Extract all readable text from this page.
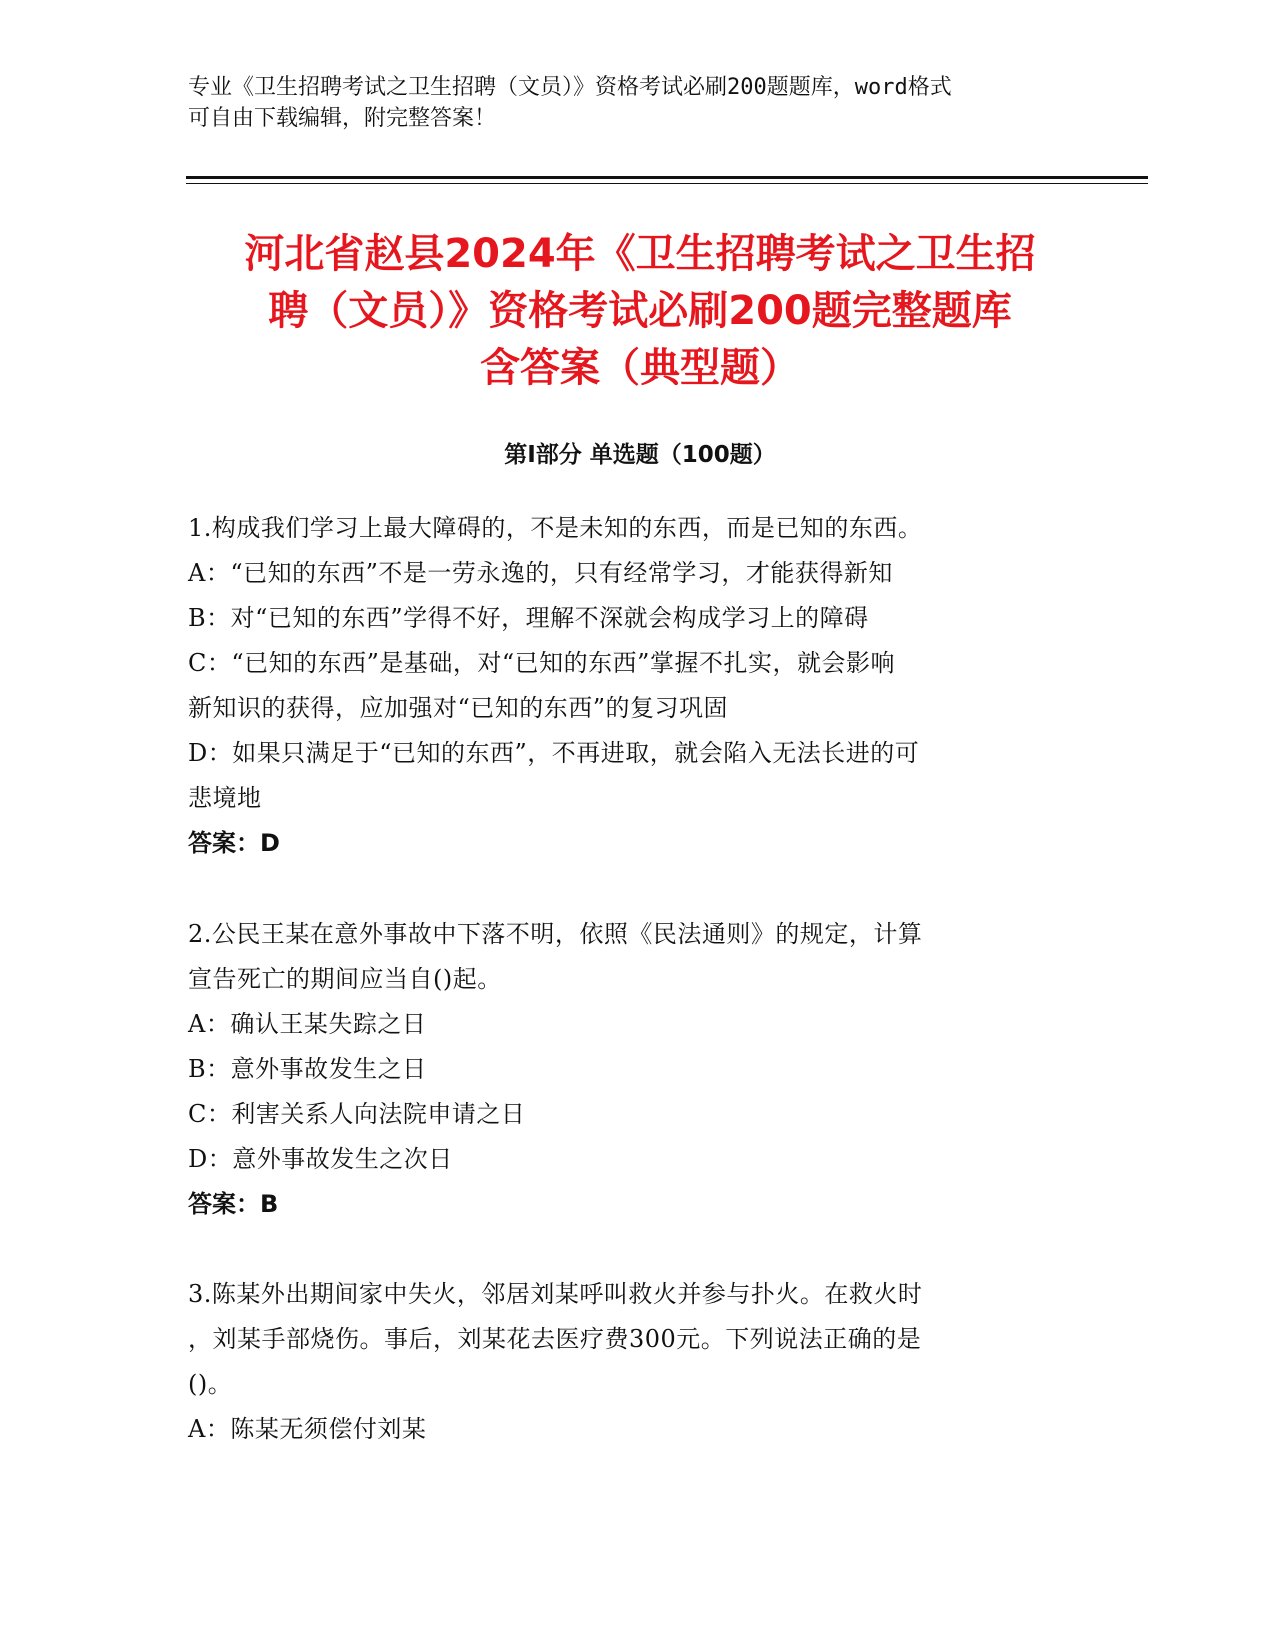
专业《卫生招聘考试之卫生招聘（文员）》资格考试必刷200题题库，word格式
可自由下载编辑，附完整答案！
河北省赵县2024年《卫生招聘考试之卫生招
聘（文员）》资格考试必刷200题完整题库
含答案（典型题）
第I部分 单选题（100题）
1.构成我们学习上最大障碍的，不是未知的东西，而是已知的东西。
A：“已知的东西”不是一劳永逸的，只有经常学习，才能获得新知
B：对“已知的东西”学得不好，理解不深就会构成学习上的障碍
C：“已知的东西”是基础，对“已知的东西”掌握不扎实，就会影响
新知识的获得，应加强对“已知的东西”的复习巩固
D：如果只满足于“已知的东西”，不再进取，就会陷入无法长进的可
悲境地
答案：D
2.公民王某在意外事故中下落不明，依照《民法通则》的规定，计算
宣告死亡的期间应当自()起。
A：确认王某失踪之日
B：意外事故发生之日
C：利害关系人向法院申请之日
D：意外事故发生之次日
答案：B
3.陈某外出期间家中失火，邻居刘某呼叫救火并参与扑火。在救火时
，刘某手部烧伤。事后，刘某花去医疗费300元。下列说法正确的是
()。
A：陈某无须偿付刘某
